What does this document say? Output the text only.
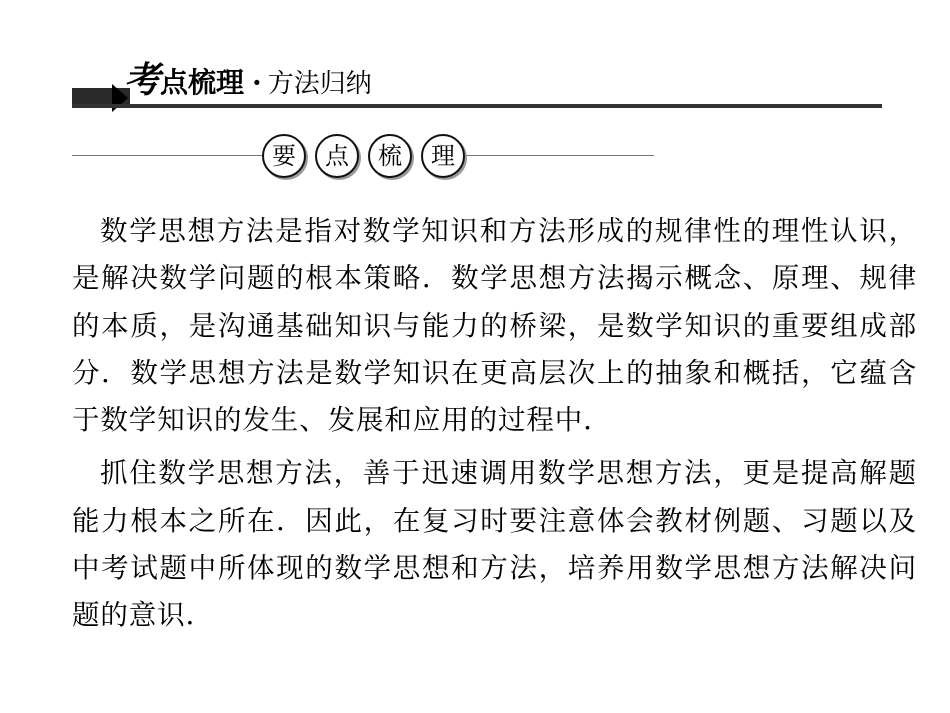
考点梳理 · 方法归纳
要	点	梳	理

数学思想方法是指对数学知识和方法形成的规律性的理性认识，是解决数学问题的根本策略．数学思想方法揭示概念、原理、规律的本质，是沟通基础知识与能力的桥梁，是数学知识的重要组成部分．数学思想方法是数学知识在更高层次上的抽象和概括，它蕴含于数学知识的发生、发展和应用的过程中．

抓住数学思想方法，善于迅速调用数学思想方法，更是提高解题能力根本之所在．因此，在复习时要注意体会教材例题、习题以及中考试题中所体现的数学思想和方法，培养用数学思想方法解决问题的意识．
